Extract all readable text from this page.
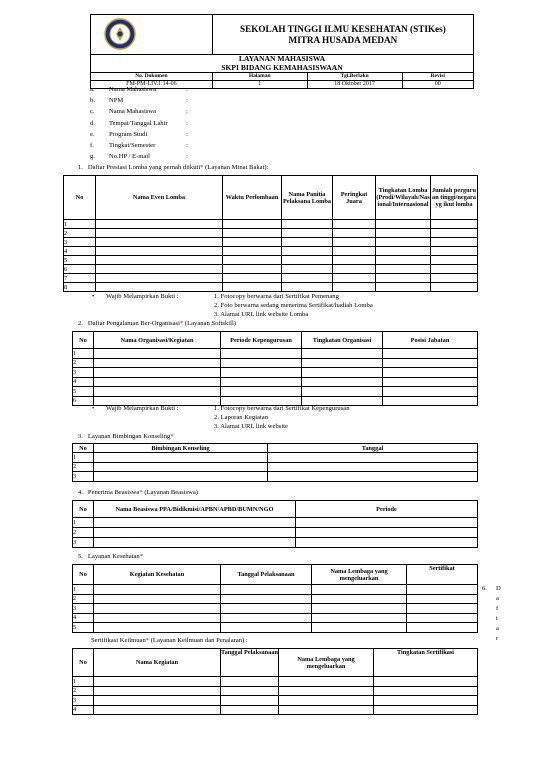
	SEKOLAH TINGGI ILMU KESEHATAN (STIKes)
MITRA HUSADA MEDAN		

LAYANAN MAHASISWA
SKPI BIDANG KEMAHASISWAAN			

No. Dokumen	Halaman	Tgl.Berlaku	Revisi
FM-PM-LIV.1.14-06	1	18 Oktober 2017	00
a. Nama Mahasiswa	:
b. NPM	:
c. Nama Mahasiswa	:
d. Tempat/Tanggal Lahir	:
e. Program Studi	:
f. Tingkat/Semester	:
g. No.HP / E-mail	:
1. Daftar Prestasi Lomba yang pernah diikuti* (Layanan Minat Bakat):
No	Nama Even Lomba	Waktu Perlombaan	Nama Panitia Pelaksana Lomba	Peringkat Juara	Tingkatan Lomba (Prodi/Wilayah/Nasional/Internasional	Jumlah perguruan tinggi/negara yg ikut lomba
1						
2						
3						
4						
5						
6						
7						
8						
• Wajib Melampirkan Bukti :	1. Fotocopy berwarna dari Sertifikat Pemenang
2. Foto berwarna sedang menerima Sertifikat/hadiah Lomba
3. Alamat URL link website Lomba
2. Daftar Pengalaman Ber-Organisasi* (Layanan Softskill)
No	Nama Organisasi/Kegiatan	Periode Kepengurusan	Tingkatan Organisasi	Posisi Jabatan
1				
2				
3				
4				
5				
6				
• Wajib Melampirkan Bukti :	1. Fotocopy berwarna dari Sertifikat Kepengurusan
2. Laporan Kegiatan
3. Alamat URL link website
3. Layanan Bimbingan Konseling*
No	Bimbingan Konseling	Tanggal
1		
2		
3		
4. Penerima Beasiswa* (Layanan Beasiswa)
No	Nama Beasiswa PPA/Bidikmisi/APBN/APBD/BUMN/NGO	Periode
1		
2		
3		
5. Layanan Kesehatan*
No	Kegiatan Kesehatan	Tanggal Pelaksanaan	Nama Lembaga yang mengeluarkan	Sertifikat
1				
2				
3				
4				
5				
6. D
a
f
t
a
r
Sertifikasi Keilmuan* (Layanan Keilmuan dan Penalaran) :
No	Nama Kegiatan	Tanggal Pelaksanaan	Nama Lembaga yang mengeluarkan	Tingkatan Sertifikasi
1				
2				
3				
4				
